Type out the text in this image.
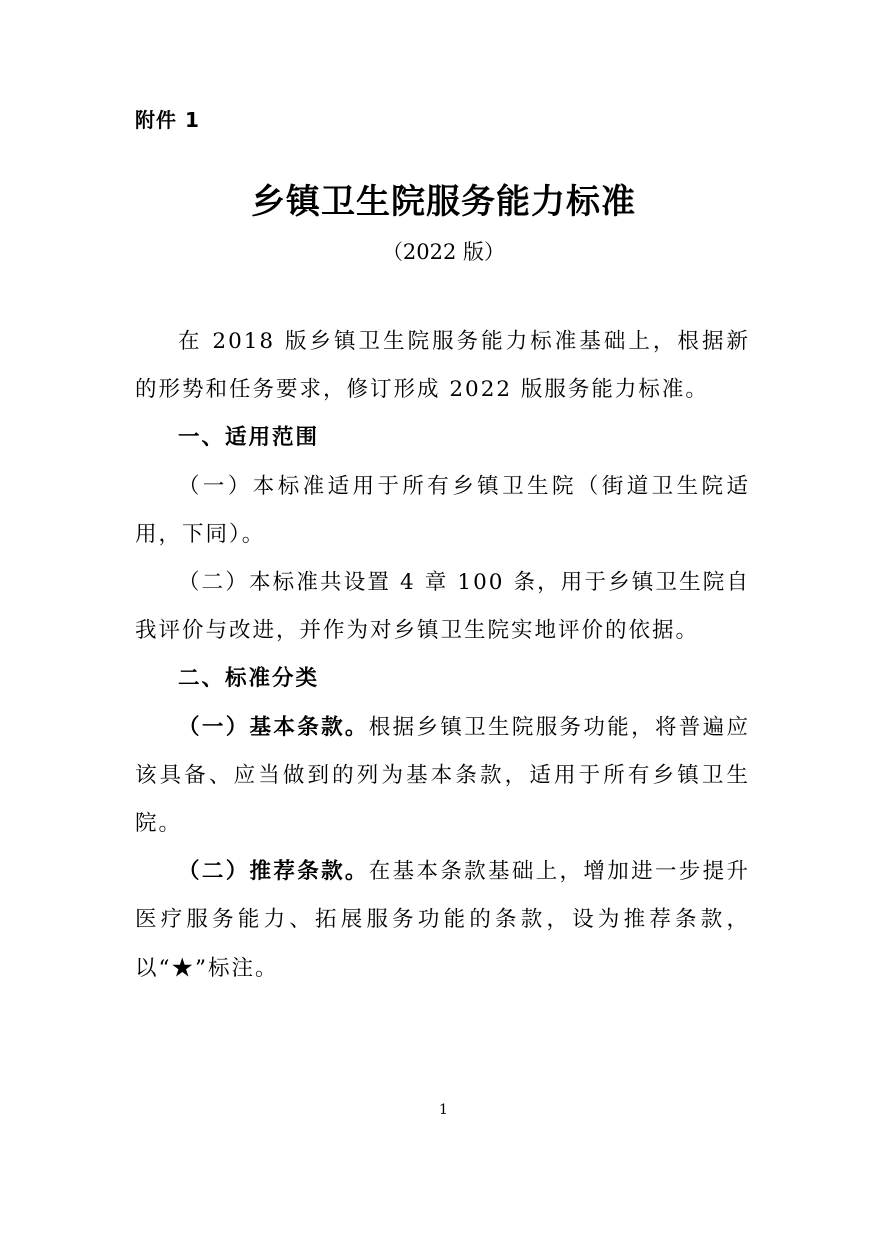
附件 1
乡镇卫生院服务能力标准
（2022 版）

在 2018 版乡镇卫生院服务能力标准基础上，根据新的形势和任务要求，修订形成 2022 版服务能力标准。

一、适用范围

（一）本标准适用于所有乡镇卫生院（街道卫生院适用，下同）。

（二）本标准共设置 4 章 100 条，用于乡镇卫生院自我评价与改进，并作为对乡镇卫生院实地评价的依据。

二、标准分类

（一）基本条款。根据乡镇卫生院服务功能，将普遍应该具备、应当做到的列为基本条款，适用于所有乡镇卫生院。

（二）推荐条款。在基本条款基础上，增加进一步提升医疗服务能力、拓展服务功能的条款，设为推荐条款，以“★”标注。

1
